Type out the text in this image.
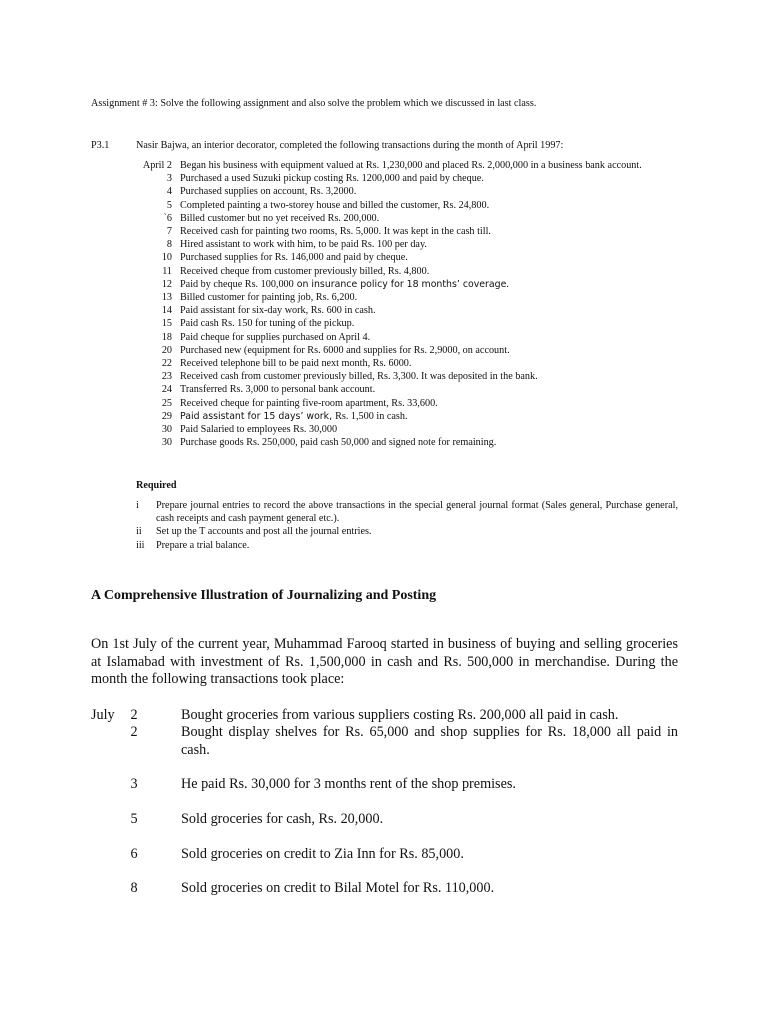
Assignment # 3: Solve the following assignment and also solve the problem which we discussed in last class.
P3.1	Nasir Bajwa, an interior decorator, completed the following transactions during the month of April 1997:
April 2 Began his business with equipment valued at Rs. 1,230,000 and placed Rs. 2,000,000 in a business bank account.
3 Purchased a used Suzuki pickup costing Rs. 1200,000 and paid by cheque.
4 Purchased supplies on account, Rs. 3,2000.
5 Completed painting a two-storey house and billed the customer, Rs. 24,800.
`6 Billed customer but no yet received Rs. 200,000.
7 Received cash for painting two rooms, Rs. 5,000. It was kept in the cash till.
8 Hired assistant to work with him, to be paid Rs. 100 per day.
10 Purchased supplies for Rs. 146,000 and paid by cheque.
11 Received cheque from customer previously billed, Rs. 4,800.
12 Paid by cheque Rs. 100,000 on insurance policy for 18 months’ coverage.
13 Billed customer for painting job, Rs. 6,200.
14 Paid assistant for six-day work, Rs. 600 in cash.
15 Paid cash Rs. 150 for tuning of the pickup.
18 Paid cheque for supplies purchased on April 4.
20 Purchased new (equipment for Rs. 6000 and supplies for Rs. 2,9000, on account.
22 Received telephone bill to be paid next month, Rs. 6000.
23 Received cash from customer previously billed, Rs. 3,300. It was deposited in the bank.
24 Transferred Rs. 3,000 to personal bank account.
25 Received cheque for painting five-room apartment, Rs. 33,600.
29 Paid assistant for 15 days’ work, Rs. 1,500 in cash.
30 Paid Salaried to employees Rs. 30,000
30 Purchase goods Rs. 250,000, paid cash 50,000 and signed note for remaining.
Required
i	Prepare journal entries to record the above transactions in the special general journal format (Sales general, Purchase general, cash receipts and cash payment general etc.).
ii	Set up the T accounts and post all the journal entries.
iii	Prepare a trial balance.
A Comprehensive Illustration of Journalizing and Posting
On 1st July of the current year, Muhammad Farooq started in business of buying and selling groceries at Islamabad with investment of Rs. 1,500,000 in cash and Rs. 500,000 in merchandise. During the month the following transactions took place:
July	2	Bought groceries from various suppliers costing Rs. 200,000 all paid in cash.
2	Bought display shelves for Rs. 65,000 and shop supplies for Rs. 18,000 all paid in cash.
3	He paid Rs. 30,000 for 3 months rent of the shop premises.
5	Sold groceries for cash, Rs. 20,000.
6	Sold groceries on credit to Zia Inn for Rs. 85,000.
8	Sold groceries on credit to Bilal Motel for Rs. 110,000.
